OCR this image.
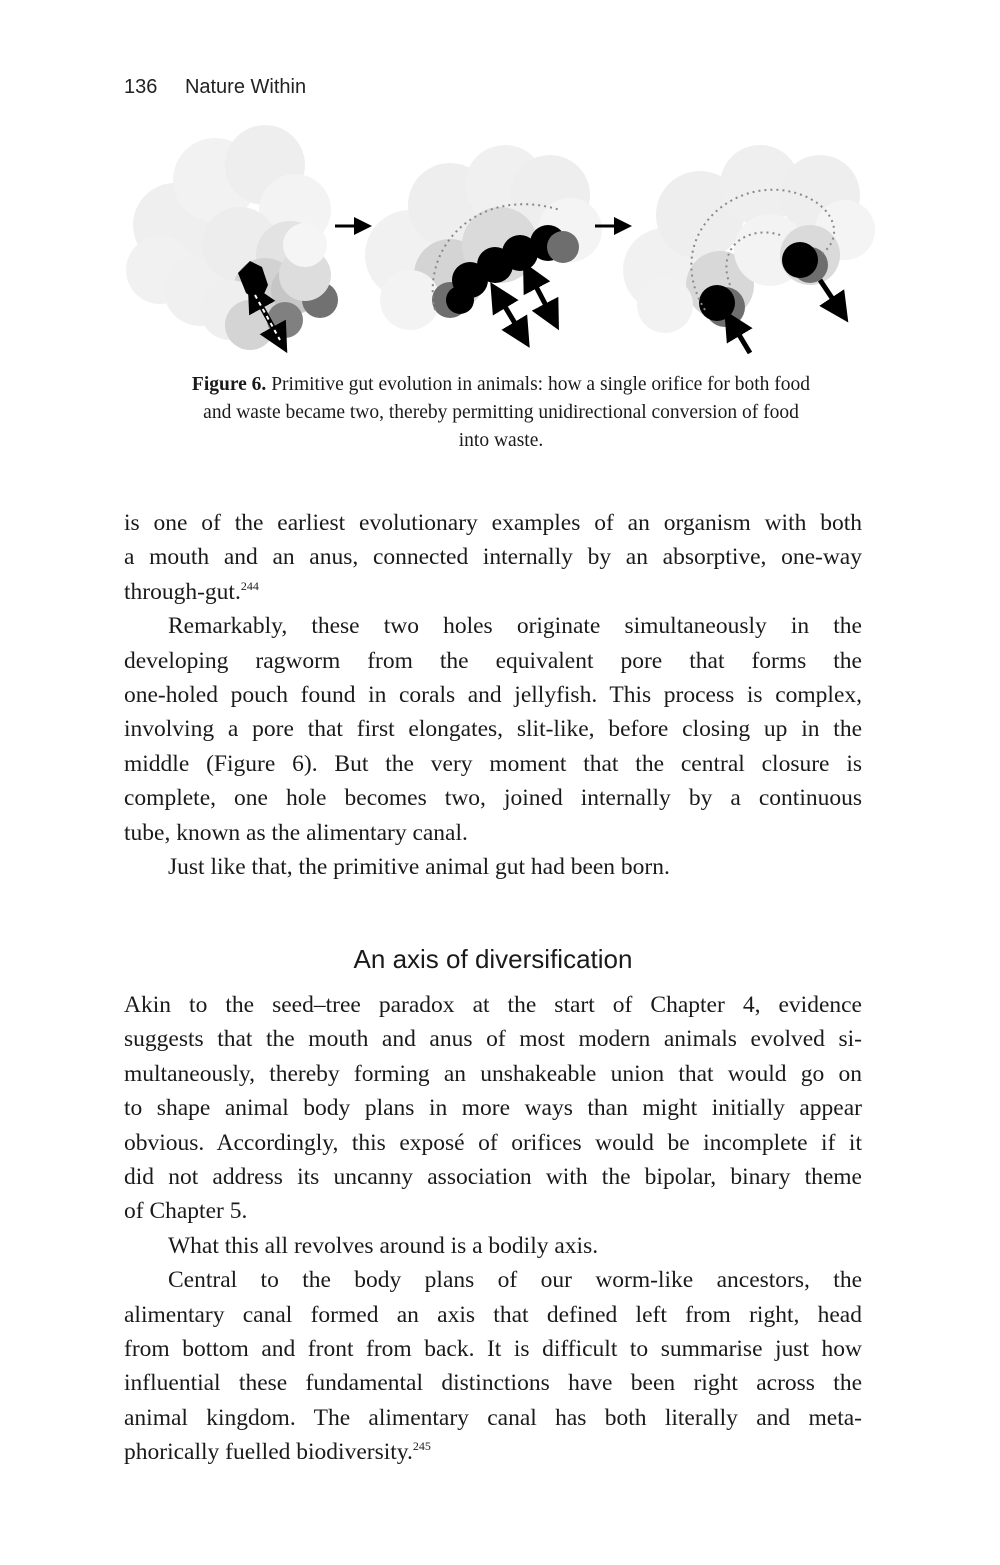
136 Nature Within
Figure 6. Primitive gut evolution in animals: how a single orifice for both food
and waste became two, thereby permitting unidirectional conversion of food
into waste.
is one of the earliest evolutionary examples of an organism with both
a mouth and an anus, connected internally by an absorptive, one-way
through-gut.$^{244}$
Remarkably, these two holes originate simultaneously in the
developing ragworm from the equivalent pore that forms the
one-holed pouch found in corals and jellyfish. This process is complex,
involving a pore that first elongates, slit-like, before closing up in the
middle (Figure 6). But the very moment that the central closure is
complete, one hole becomes two, joined internally by a continuous
tube, known as the alimentary canal.
Just like that, the primitive animal gut had been born.
An axis of diversification
Akin to the seed–tree paradox at the start of Chapter 4, evidence
suggests that the mouth and anus of most modern animals evolved si-
multaneously, thereby forming an unshakeable union that would go on
to shape animal body plans in more ways than might initially appear
obvious. Accordingly, this exposé of orifices would be incomplete if it
did not address its uncanny association with the bipolar, binary theme
of Chapter 5.
What this all revolves around is a bodily axis.
Central to the body plans of our worm-like ancestors, the
alimentary canal formed an axis that defined left from right, head
from bottom and front from back. It is difficult to summarise just how
influential these fundamental distinctions have been right across the
animal kingdom. The alimentary canal has both literally and meta-
phorically fuelled biodiversity.$^{245}$
